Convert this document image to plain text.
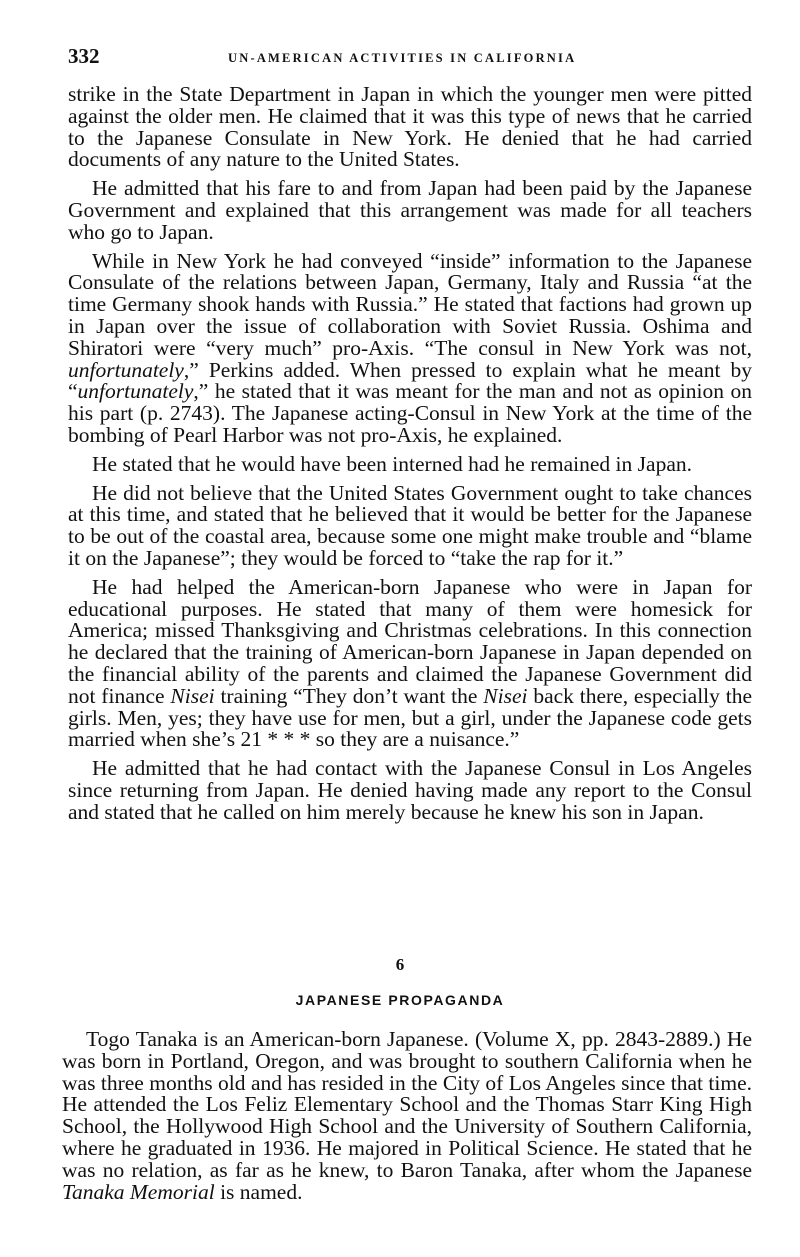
332	UN-AMERICAN ACTIVITIES IN CALIFORNIA

strike in the State Department in Japan in which the younger men were pitted against the older men. He claimed that it was this type of news that he carried to the Japanese Consulate in New York. He denied that he had carried documents of any nature to the United States.

He admitted that his fare to and from Japan had been paid by the Japanese Government and explained that this arrangement was made for all teachers who go to Japan.

While in New York he had conveyed “inside” information to the Japanese Consulate of the relations between Japan, Germany, Italy and Russia “at the time Germany shook hands with Russia.” He stated that factions had grown up in Japan over the issue of collaboration with Soviet Russia. Oshima and Shiratori were “very much” pro-Axis. “The consul in New York was not, unfortunately,” Perkins added. When pressed to explain what he meant by “unfortunately,” he stated that it was meant for the man and not as opinion on his part (p. 2743). The Japanese acting-Consul in New York at the time of the bombing of Pearl Harbor was not pro-Axis, he explained.

He stated that he would have been interned had he remained in Japan.

He did not believe that the United States Government ought to take chances at this time, and stated that he believed that it would be better for the Japanese to be out of the coastal area, because some one might make trouble and “blame it on the Japanese”; they would be forced to “take the rap for it.”

He had helped the American-born Japanese who were in Japan for educational purposes. He stated that many of them were homesick for America; missed Thanksgiving and Christmas celebrations. In this connection he declared that the training of American-born Japanese in Japan depended on the financial ability of the parents and claimed the Japanese Government did not finance Nisei training “They don’t want the Nisei back there, especially the girls. Men, yes; they have use for men, but a girl, under the Japanese code gets married when she’s 21 * * * so they are a nuisance.”

He admitted that he had contact with the Japanese Consul in Los Angeles since returning from Japan. He denied having made any report to the Consul and stated that he called on him merely because he knew his son in Japan.

6
JAPANESE PROPAGANDA

Togo Tanaka is an American-born Japanese. (Volume X, pp. 2843-2889.) He was born in Portland, Oregon, and was brought to southern California when he was three months old and has resided in the City of Los Angeles since that time. He attended the Los Feliz Elementary School and the Thomas Starr King High School, the Hollywood High School and the University of Southern California, where he graduated in 1936. He majored in Political Science. He stated that he was no relation, as far as he knew, to Baron Tanaka, after whom the Japanese Tanaka Memorial is named.
